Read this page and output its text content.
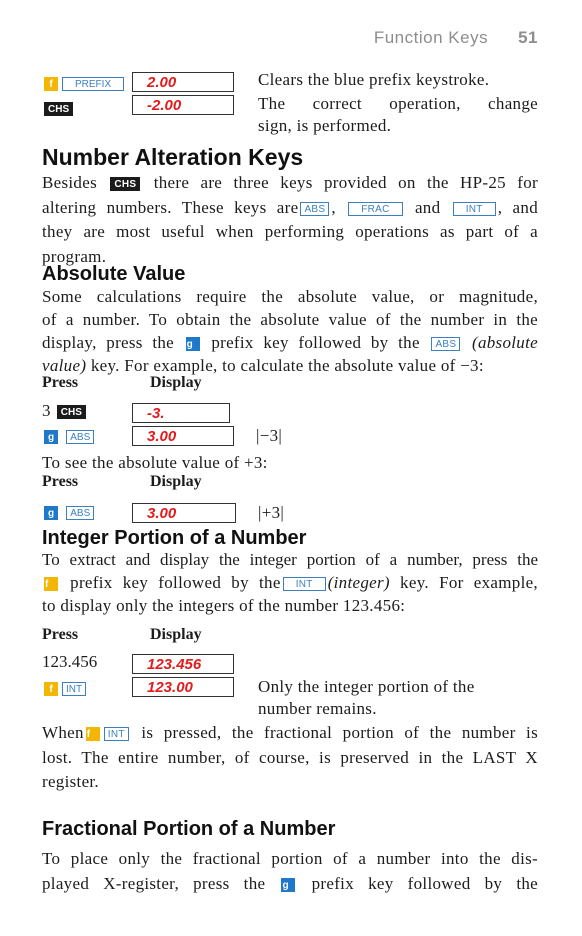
Function Keys 51
f PREFIX	2.00	Clears the blue prefix keystroke.
CHS	-2.00	The correct operation, change
sign, is performed.
Number Alteration Keys
Besides CHS there are three keys provided on the HP-25 for
altering numbers. These keys are ABS ,	FRAC and	INT , and
they are most useful when performing operations as part of a
program.
Absolute Value
Some calculations require the absolute value, or magnitude,
of a number. To obtain the absolute value of the number in the
display, press the g prefix key followed by the ABS (absolute
value) key. For example, to calculate the absolute value of −3:
Press	Display
3 CHS	-3.
g ABS	3.00	|−3|
To see the absolute value of +3:
Press	Display
g ABS	3.00	|+3|
Integer Portion of a Number
To extract and display the integer portion of a number, press the
f prefix key followed by the INT (integer) key. For example,
to display only the integers of the number 123.456:
Press	Display
123.456	123.456
f INT	123.00	Only the integer portion of the
number remains.
When f INT is pressed, the fractional portion of the number is
lost. The entire number, of course, is preserved in the LAST X
register.
Fractional Portion of a Number
To place only the fractional portion of a number into the dis-
played X-register, press the g prefix key followed by the
